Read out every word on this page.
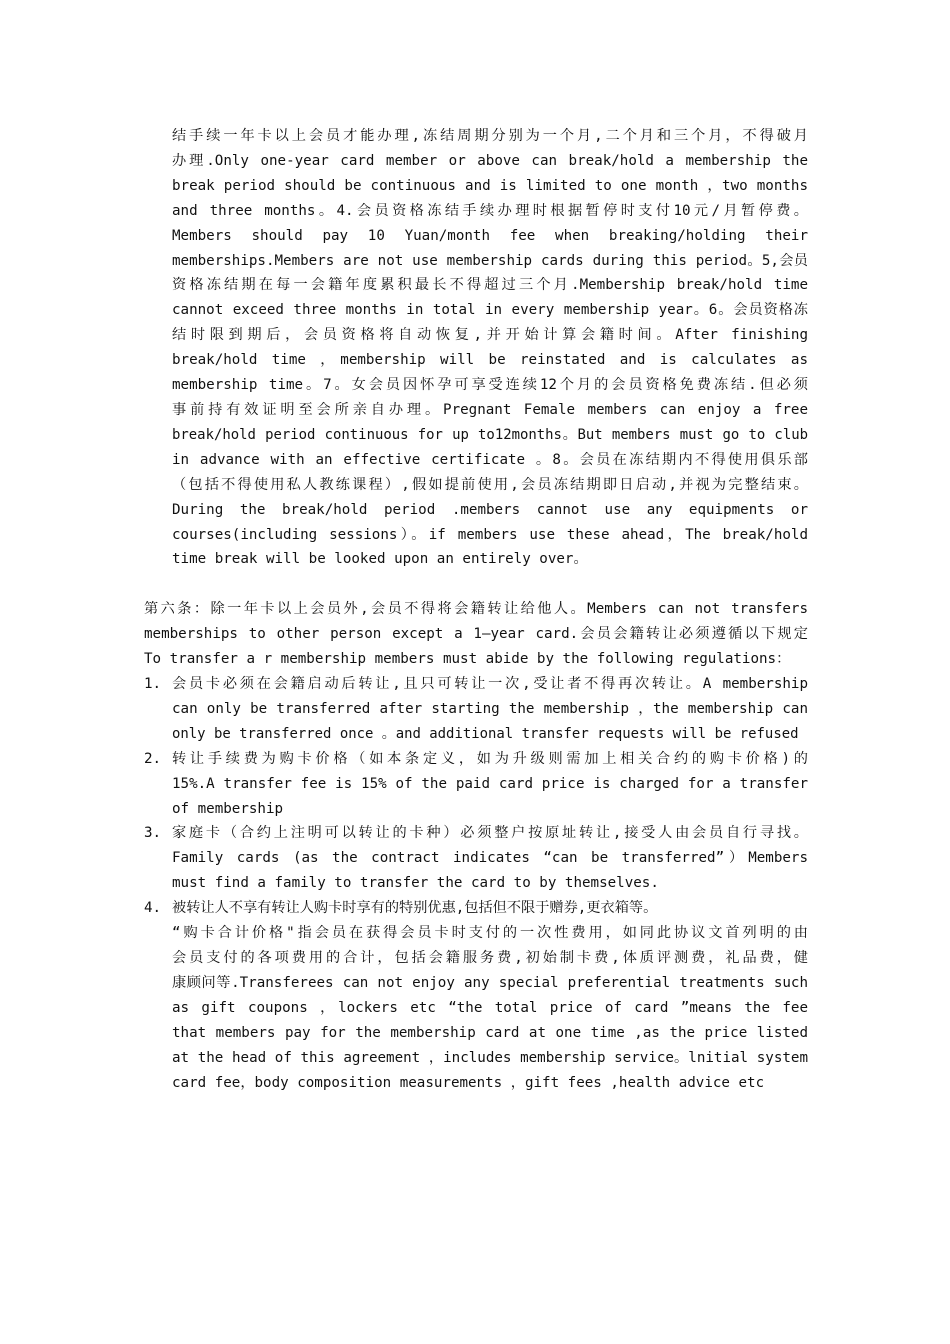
结手续一年卡以上会员才能办理,冻结周期分别为一个月,二个月和三个月，不得破月

办理.Only one-year card member or above can break/hold a membership the

break period should be continuous and is limited to one month ，two months

and three months。4.会员资格冻结手续办理时根据暂停时支付10元/月暂停费。

Members should pay 10 Yuan/month fee when breaking/holding their

memberships.Members are not use membership cards during this period。5,会员

资格冻结期在每一会籍年度累积最长不得超过三个月.Membership break/hold time

cannot exceed three months in total in every membership year。6。会员资格冻

结时限到期后，会员资格将自动恢复,并开始计算会籍时间。After finishing

break/hold time ，membership will be reinstated and is calculates as

membership time。7。女会员因怀孕可享受连续12个月的会员资格免费冻结.但必须

事前持有效证明至会所亲自办理。Pregnant Female members can enjoy a free

break/hold period continuous for up to12months。But members must go to club

in advance with an effective certificate 。8。会员在冻结期内不得使用俱乐部

（包括不得使用私人教练课程）,假如提前使用,会员冻结期即日启动,并视为完整结束。

During the break/hold period .members cannot use any equipments or

courses(including sessions）。if members use these ahead，The break/hold

time break will be looked upon an entirely over。

第六条：除一年卡以上会员外,会员不得将会籍转让给他人。Members can not transfers

memberships to other person except a 1—year card.会员会籍转让必须遵循以下规定

To transfer a r membership members must abide by the following regulations：

1. 会员卡必须在会籍启动后转让,且只可转让一次,受让者不得再次转让。A membership

can only be transferred after starting the membership ，the membership can

only be transferred once 。and additional transfer requests will be refused

2. 转让手续费为购卡价格（如本条定义，如为升级则需加上相关合约的购卡价格)的

15%.A transfer fee is 15% of the paid card price is charged for a transfer

of membership

3. 家庭卡（合约上注明可以转让的卡种）必须整户按原址转让,接受人由会员自行寻找。

Family cards (as the contract indicates “can be transferred”）Members

must find a family to transfer the card to by themselves.

4. 被转让人不享有转让人购卡时享有的特别优惠,包括但不限于赠券,更衣箱等。

“购卡合计价格"指会员在获得会员卡时支付的一次性费用，如同此协议文首列明的由

会员支付的各项费用的合计，包括会籍服务费,初始制卡费,体质评测费，礼品费，健

康顾问等.Transferees can not enjoy any special preferential treatments such

as gift coupons ，lockers etc “the total price of card ”means the fee

that members pay for the membership card at one time ,as the price listed

at the head of this agreement ，includes membership service。lnitial system

card fee，body composition measurements ，gift fees ,health advice etc
